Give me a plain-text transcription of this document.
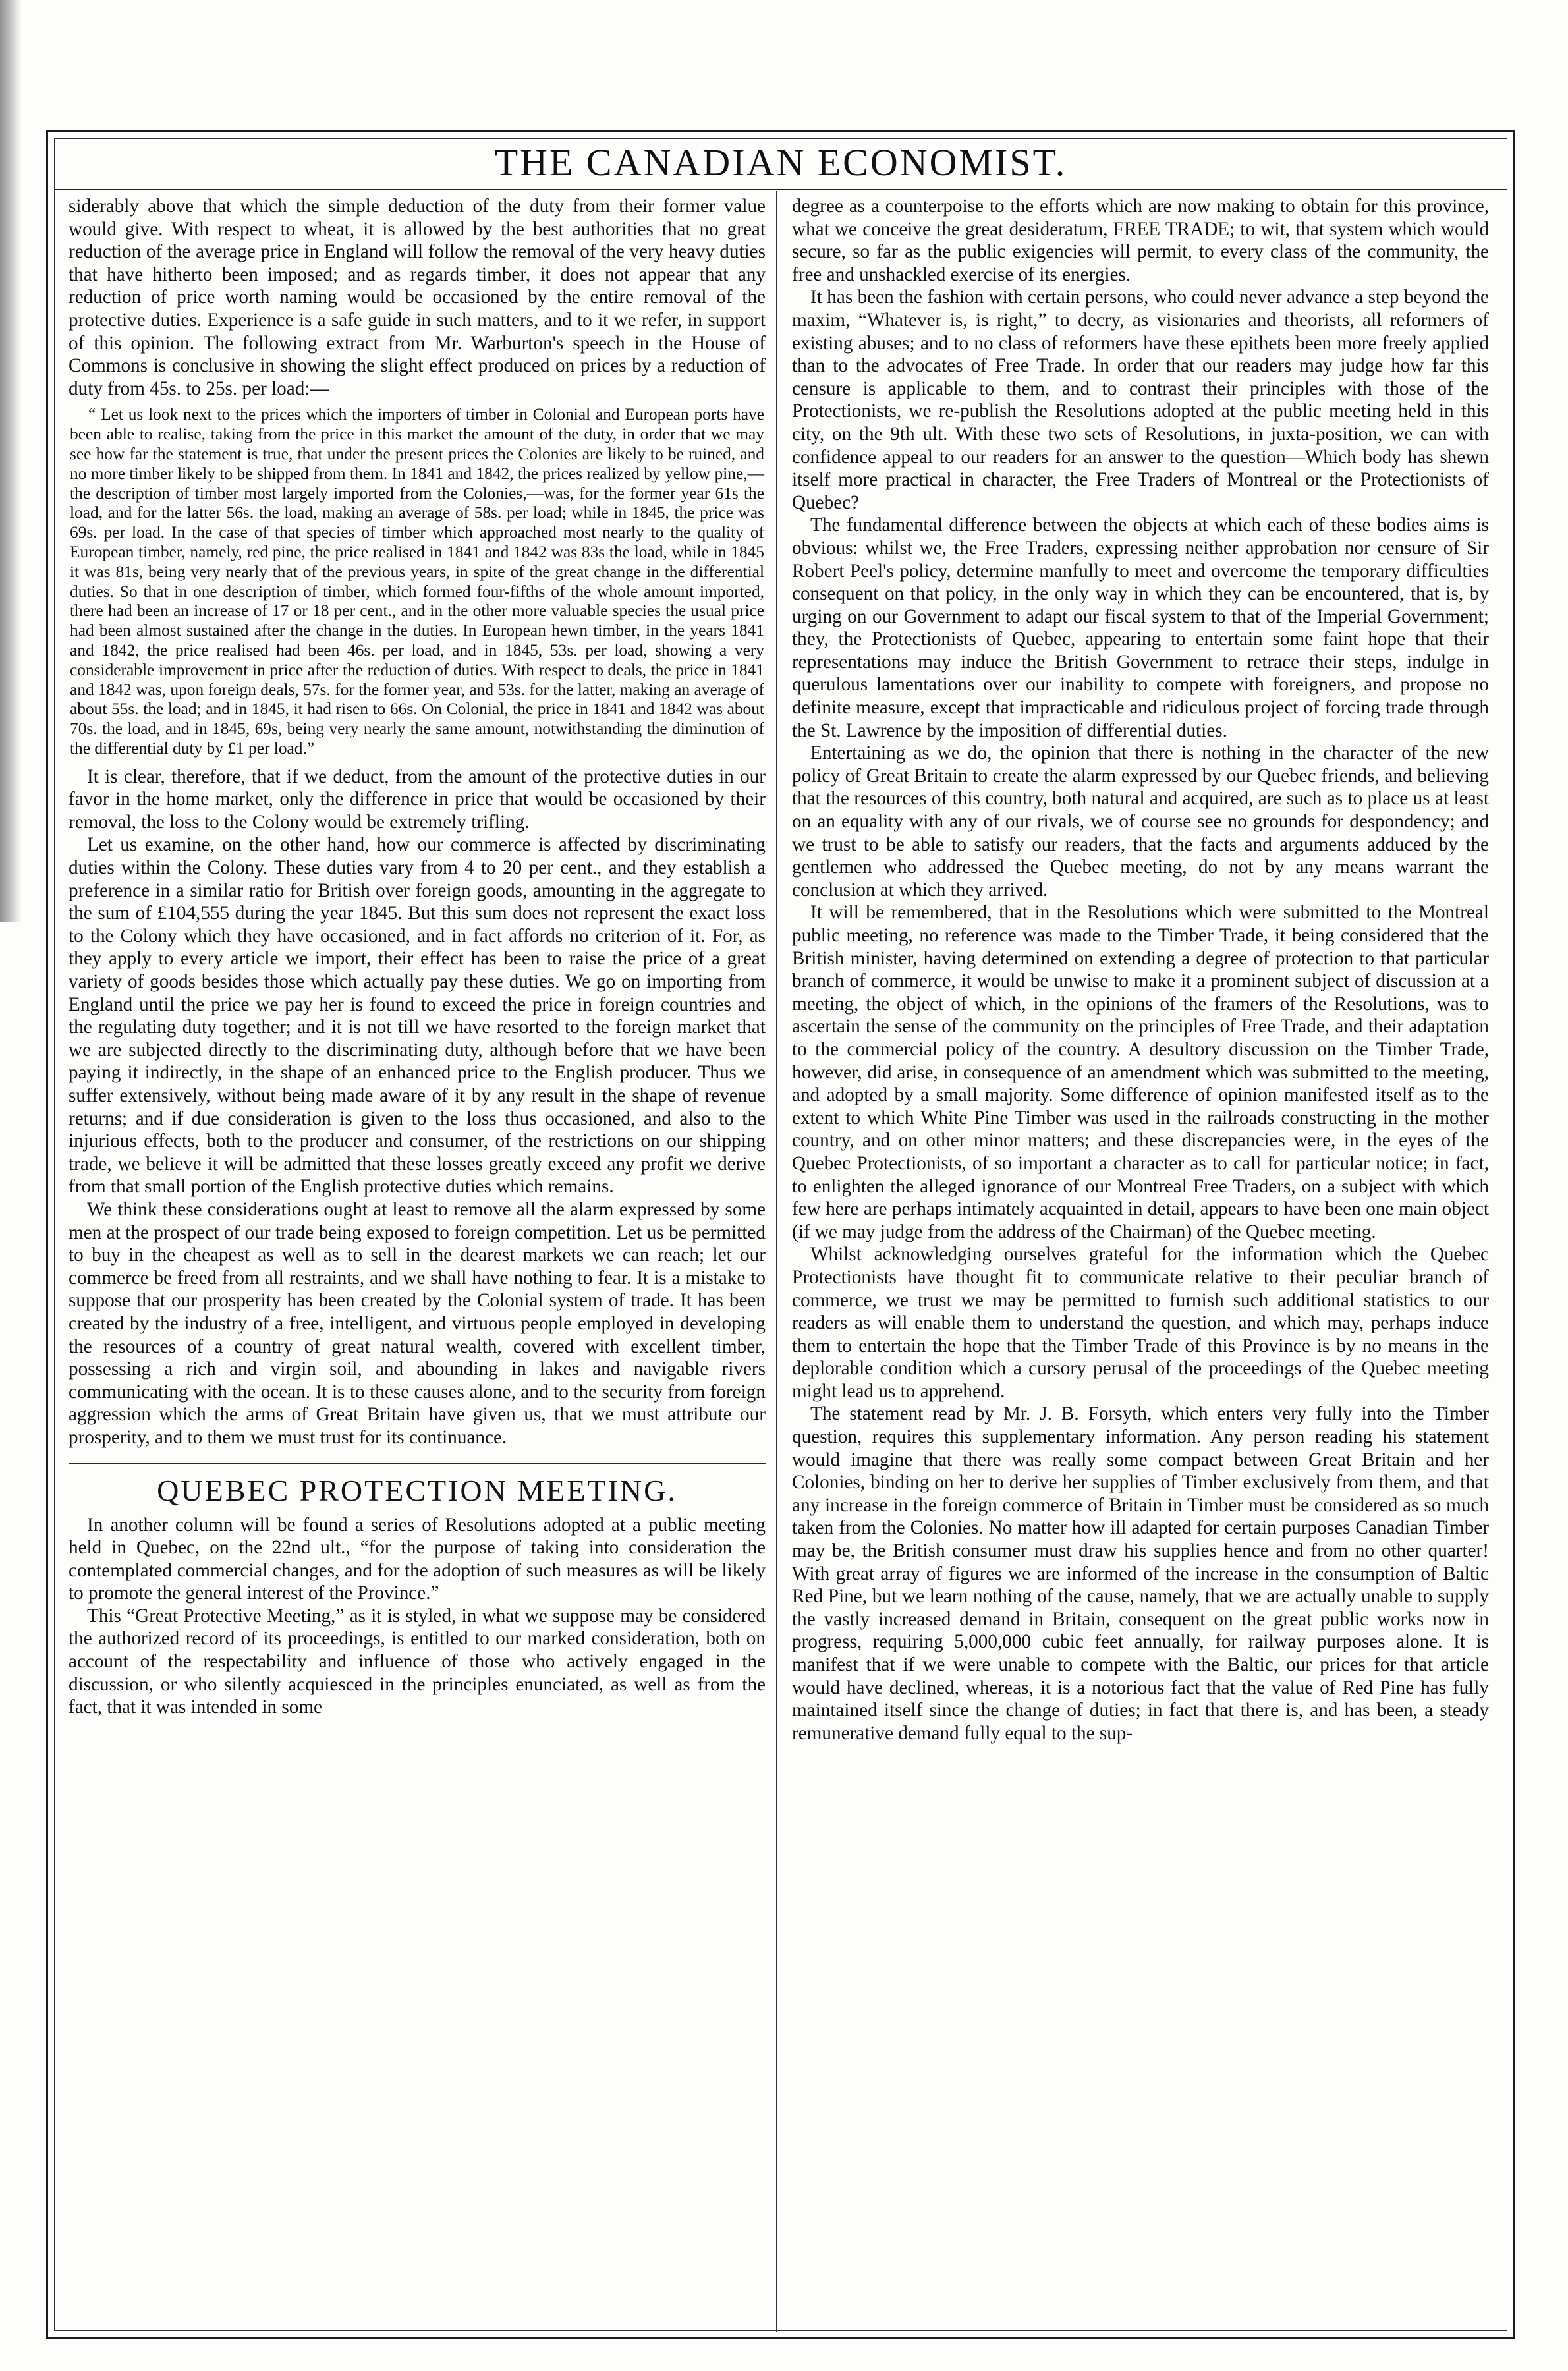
THE CANADIAN ECONOMIST.

siderably above that which the simple deduction of the duty from their former value would give. With respect to wheat, it is allowed by the best authorities that no great reduction of the average price in England will follow the removal of the very heavy duties that have hitherto been imposed; and as regards timber, it does not appear that any reduction of price worth naming would be occasioned by the entire removal of the protective duties. Experience is a safe guide in such matters, and to it we refer, in support of this opinion. The following extract from Mr. Warburton's speech in the House of Commons is conclusive in showing the slight effect produced on prices by a reduction of duty from 45s. to 25s. per load:—

“ Let us look next to the prices which the importers of timber in Colonial and European ports have been able to realise, taking from the price in this market the amount of the duty, in order that we may see how far the statement is true, that under the present prices the Colonies are likely to be ruined, and no more timber likely to be shipped from them. In 1841 and 1842, the prices realized by yellow pine,—the description of timber most largely imported from the Colonies,—was, for the former year 61s the load, and for the latter 56s. the load, making an average of 58s. per load; while in 1845, the price was 69s. per load. In the case of that species of timber which approached most nearly to the quality of European timber, namely, red pine, the price realised in 1841 and 1842 was 83s the load, while in 1845 it was 81s, being very nearly that of the previous years, in spite of the great change in the differential duties. So that in one description of timber, which formed four-fifths of the whole amount imported, there had been an increase of 17 or 18 per cent., and in the other more valuable species the usual price had been almost sustained after the change in the duties. In European hewn timber, in the years 1841 and 1842, the price realised had been 46s. per load, and in 1845, 53s. per load, showing a very considerable improvement in price after the reduction of duties. With respect to deals, the price in 1841 and 1842 was, upon foreign deals, 57s. for the former year, and 53s. for the latter, making an average of about 55s. the load; and in 1845, it had risen to 66s. On Colonial, the price in 1841 and 1842 was about 70s. the load, and in 1845, 69s, being very nearly the same amount, notwithstanding the diminution of the differential duty by £1 per load.”

It is clear, therefore, that if we deduct, from the amount of the protective duties in our favor in the home market, only the difference in price that would be occasioned by their removal, the loss to the Colony would be extremely trifling.

Let us examine, on the other hand, how our commerce is affected by discriminating duties within the Colony. These duties vary from 4 to 20 per cent., and they establish a preference in a similar ratio for British over foreign goods, amounting in the aggregate to the sum of £104,555 during the year 1845. But this sum does not represent the exact loss to the Colony which they have occasioned, and in fact affords no criterion of it. For, as they apply to every article we import, their effect has been to raise the price of a great variety of goods besides those which actually pay these duties. We go on importing from England until the price we pay her is found to exceed the price in foreign countries and the regulating duty together; and it is not till we have resorted to the foreign market that we are subjected directly to the discriminating duty, although before that we have been paying it indirectly, in the shape of an enhanced price to the English producer. Thus we suffer extensively, without being made aware of it by any result in the shape of revenue returns; and if due consideration is given to the loss thus occasioned, and also to the injurious effects, both to the producer and consumer, of the restrictions on our shipping trade, we believe it will be admitted that these losses greatly exceed any profit we derive from that small portion of the English protective duties which remains.

We think these considerations ought at least to remove all the alarm expressed by some men at the prospect of our trade being exposed to foreign competition. Let us be permitted to buy in the cheapest as well as to sell in the dearest markets we can reach; let our commerce be freed from all restraints, and we shall have nothing to fear. It is a mistake to suppose that our prosperity has been created by the Colonial system of trade. It has been created by the industry of a free, intelligent, and virtuous people employed in developing the resources of a country of great natural wealth, covered with excellent timber, possessing a rich and virgin soil, and abounding in lakes and navigable rivers communicating with the ocean. It is to these causes alone, and to the security from foreign aggression which the arms of Great Britain have given us, that we must attribute our prosperity, and to them we must trust for its continuance.

QUEBEC PROTECTION MEETING.

In another column will be found a series of Resolutions adopted at a public meeting held in Quebec, on the 22nd ult., “for the purpose of taking into consideration the contemplated commercial changes, and for the adoption of such measures as will be likely to promote the general interest of the Province.”

This “Great Protective Meeting,” as it is styled, in what we suppose may be considered the authorized record of its proceedings, is entitled to our marked consideration, both on account of the respectability and influence of those who actively engaged in the discussion, or who silently acquiesced in the principles enunciated, as well as from the fact, that it was intended in some

degree as a counterpoise to the efforts which are now making to obtain for this province, what we conceive the great desideratum, FREE TRADE; to wit, that system which would secure, so far as the public exigencies will permit, to every class of the community, the free and unshackled exercise of its energies.

It has been the fashion with certain persons, who could never advance a step beyond the maxim, “Whatever is, is right,” to decry, as visionaries and theorists, all reformers of existing abuses; and to no class of reformers have these epithets been more freely applied than to the advocates of Free Trade. In order that our readers may judge how far this censure is applicable to them, and to contrast their principles with those of the Protectionists, we re-publish the Resolutions adopted at the public meeting held in this city, on the 9th ult. With these two sets of Resolutions, in juxta-position, we can with confidence appeal to our readers for an answer to the question—Which body has shewn itself more practical in character, the Free Traders of Montreal or the Protectionists of Quebec?

The fundamental difference between the objects at which each of these bodies aims is obvious: whilst we, the Free Traders, expressing neither approbation nor censure of Sir Robert Peel's policy, determine manfully to meet and overcome the temporary difficulties consequent on that policy, in the only way in which they can be encountered, that is, by urging on our Government to adapt our fiscal system to that of the Imperial Government; they, the Protectionists of Quebec, appearing to entertain some faint hope that their representations may induce the British Government to retrace their steps, indulge in querulous lamentations over our inability to compete with foreigners, and propose no definite measure, except that impracticable and ridiculous project of forcing trade through the St. Lawrence by the imposition of differential duties.

Entertaining as we do, the opinion that there is nothing in the character of the new policy of Great Britain to create the alarm expressed by our Quebec friends, and believing that the resources of this country, both natural and acquired, are such as to place us at least on an equality with any of our rivals, we of course see no grounds for despondency; and we trust to be able to satisfy our readers, that the facts and arguments adduced by the gentlemen who addressed the Quebec meeting, do not by any means warrant the conclusion at which they arrived.

It will be remembered, that in the Resolutions which were submitted to the Montreal public meeting, no reference was made to the Timber Trade, it being considered that the British minister, having determined on extending a degree of protection to that particular branch of commerce, it would be unwise to make it a prominent subject of discussion at a meeting, the object of which, in the opinions of the framers of the Resolutions, was to ascertain the sense of the community on the principles of Free Trade, and their adaptation to the commercial policy of the country. A desultory discussion on the Timber Trade, however, did arise, in consequence of an amendment which was submitted to the meeting, and adopted by a small majority. Some difference of opinion manifested itself as to the extent to which White Pine Timber was used in the railroads constructing in the mother country, and on other minor matters; and these discrepancies were, in the eyes of the Quebec Protectionists, of so important a character as to call for particular notice; in fact, to enlighten the alleged ignorance of our Montreal Free Traders, on a subject with which few here are perhaps intimately acquainted in detail, appears to have been one main object (if we may judge from the address of the Chairman) of the Quebec meeting.

Whilst acknowledging ourselves grateful for the information which the Quebec Protectionists have thought fit to communicate relative to their peculiar branch of commerce, we trust we may be permitted to furnish such additional statistics to our readers as will enable them to understand the question, and which may, perhaps induce them to entertain the hope that the Timber Trade of this Province is by no means in the deplorable condition which a cursory perusal of the proceedings of the Quebec meeting might lead us to apprehend.

The statement read by Mr. J. B. Forsyth, which enters very fully into the Timber question, requires this supplementary information. Any person reading his statement would imagine that there was really some compact between Great Britain and her Colonies, binding on her to derive her supplies of Timber exclusively from them, and that any increase in the foreign commerce of Britain in Timber must be considered as so much taken from the Colonies. No matter how ill adapted for certain purposes Canadian Timber may be, the British consumer must draw his supplies hence and from no other quarter! With great array of figures we are informed of the increase in the consumption of Baltic Red Pine, but we learn nothing of the cause, namely, that we are actually unable to supply the vastly increased demand in Britain, consequent on the great public works now in progress, requiring 5,000,000 cubic feet annually, for railway purposes alone. It is manifest that if we were unable to compete with the Baltic, our prices for that article would have declined, whereas, it is a notorious fact that the value of Red Pine has fully maintained itself since the change of duties; in fact that there is, and has been, a steady remunerative demand fully equal to the sup-
